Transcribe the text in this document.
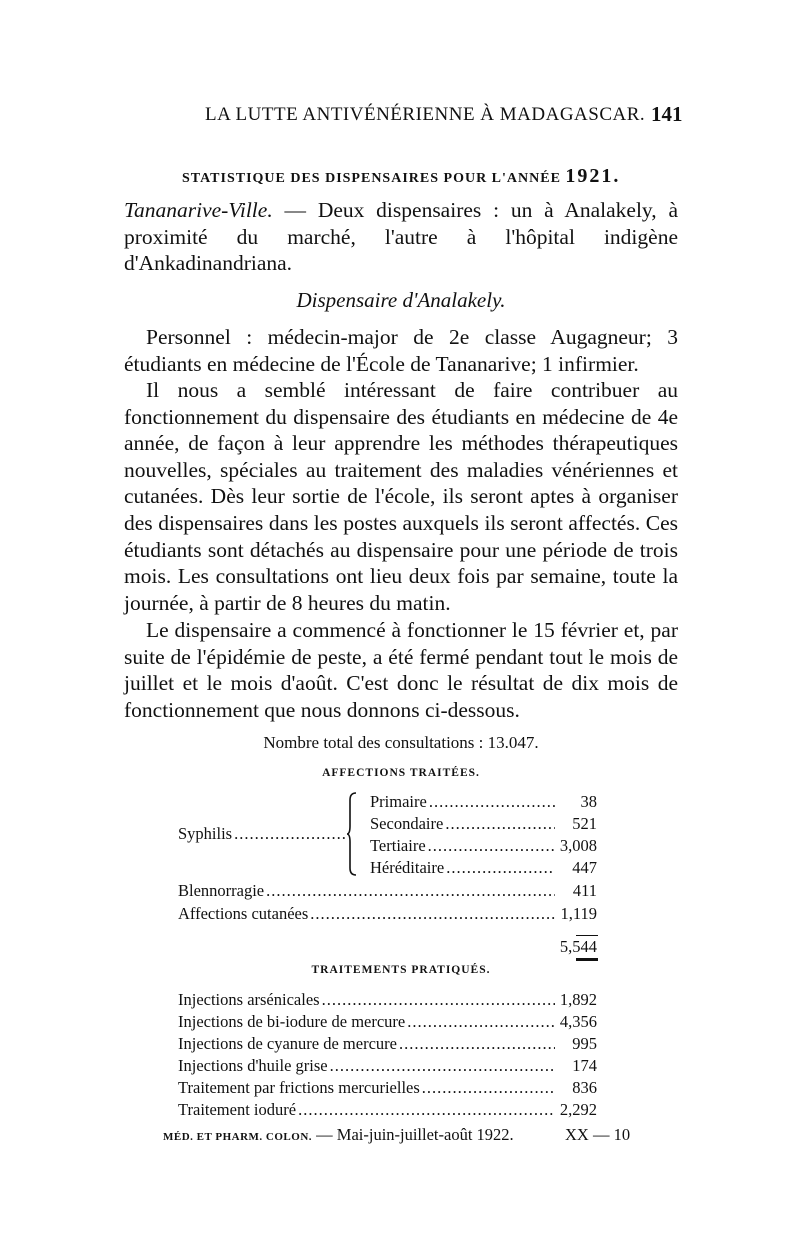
LA LUTTE ANTIVÉNÉRIENNE À MADAGASCAR. 141
STATISTIQUE DES DISPENSAIRES POUR L'ANNÉE 1921.
Tananarive-Ville. — Deux dispensaires : un à Analakely, à proximité du marché, l'autre à l'hôpital indigène d'Ankadinandriana.
Dispensaire d'Analakely.
Personnel : médecin-major de 2e classe Augagneur; 3 étudiants en médecine de l'École de Tananarive; 1 infirmier.
Il nous a semblé intéressant de faire contribuer au fonctionnement du dispensaire des étudiants en médecine de 4e année, de façon à leur apprendre les méthodes thérapeutiques nouvelles, spéciales au traitement des maladies vénériennes et cutanées. Dès leur sortie de l'école, ils seront aptes à organiser des dispensaires dans les postes auxquels ils seront affectés. Ces étudiants sont détachés au dispensaire pour une période de trois mois. Les consultations ont lieu deux fois par semaine, toute la journée, à partir de 8 heures du matin.
Le dispensaire a commencé à fonctionner le 15 février et, par suite de l'épidémie de peste, a été fermé pendant tout le mois de juillet et le mois d'août. C'est donc le résultat de dix mois de fonctionnement que nous donnons ci-dessous.
Nombre total des consultations : 13.047.
AFFECTIONS TRAITÉES.
Syphilis
.....
Primaire .....	38
Secondaire .....	521
Tertiaire .....	3,008
Héréditaire .....	447
Blennorragie .....	411
Affections cutanées .....	1,119
5,544
TRAITEMENTS PRATIQUÉS.
Injections arsénicales .....	1,892
Injections de bi-iodure de mercure .....	4,356
Injections de cyanure de mercure .....	995
Injections d'huile grise .....	174
Traitement par frictions mercurielles .....	836
Traitement ioduré .....	2,292
MÉD. ET PHARM. COLON. — Mai-juin-juillet-août 1922.	XX — 10
